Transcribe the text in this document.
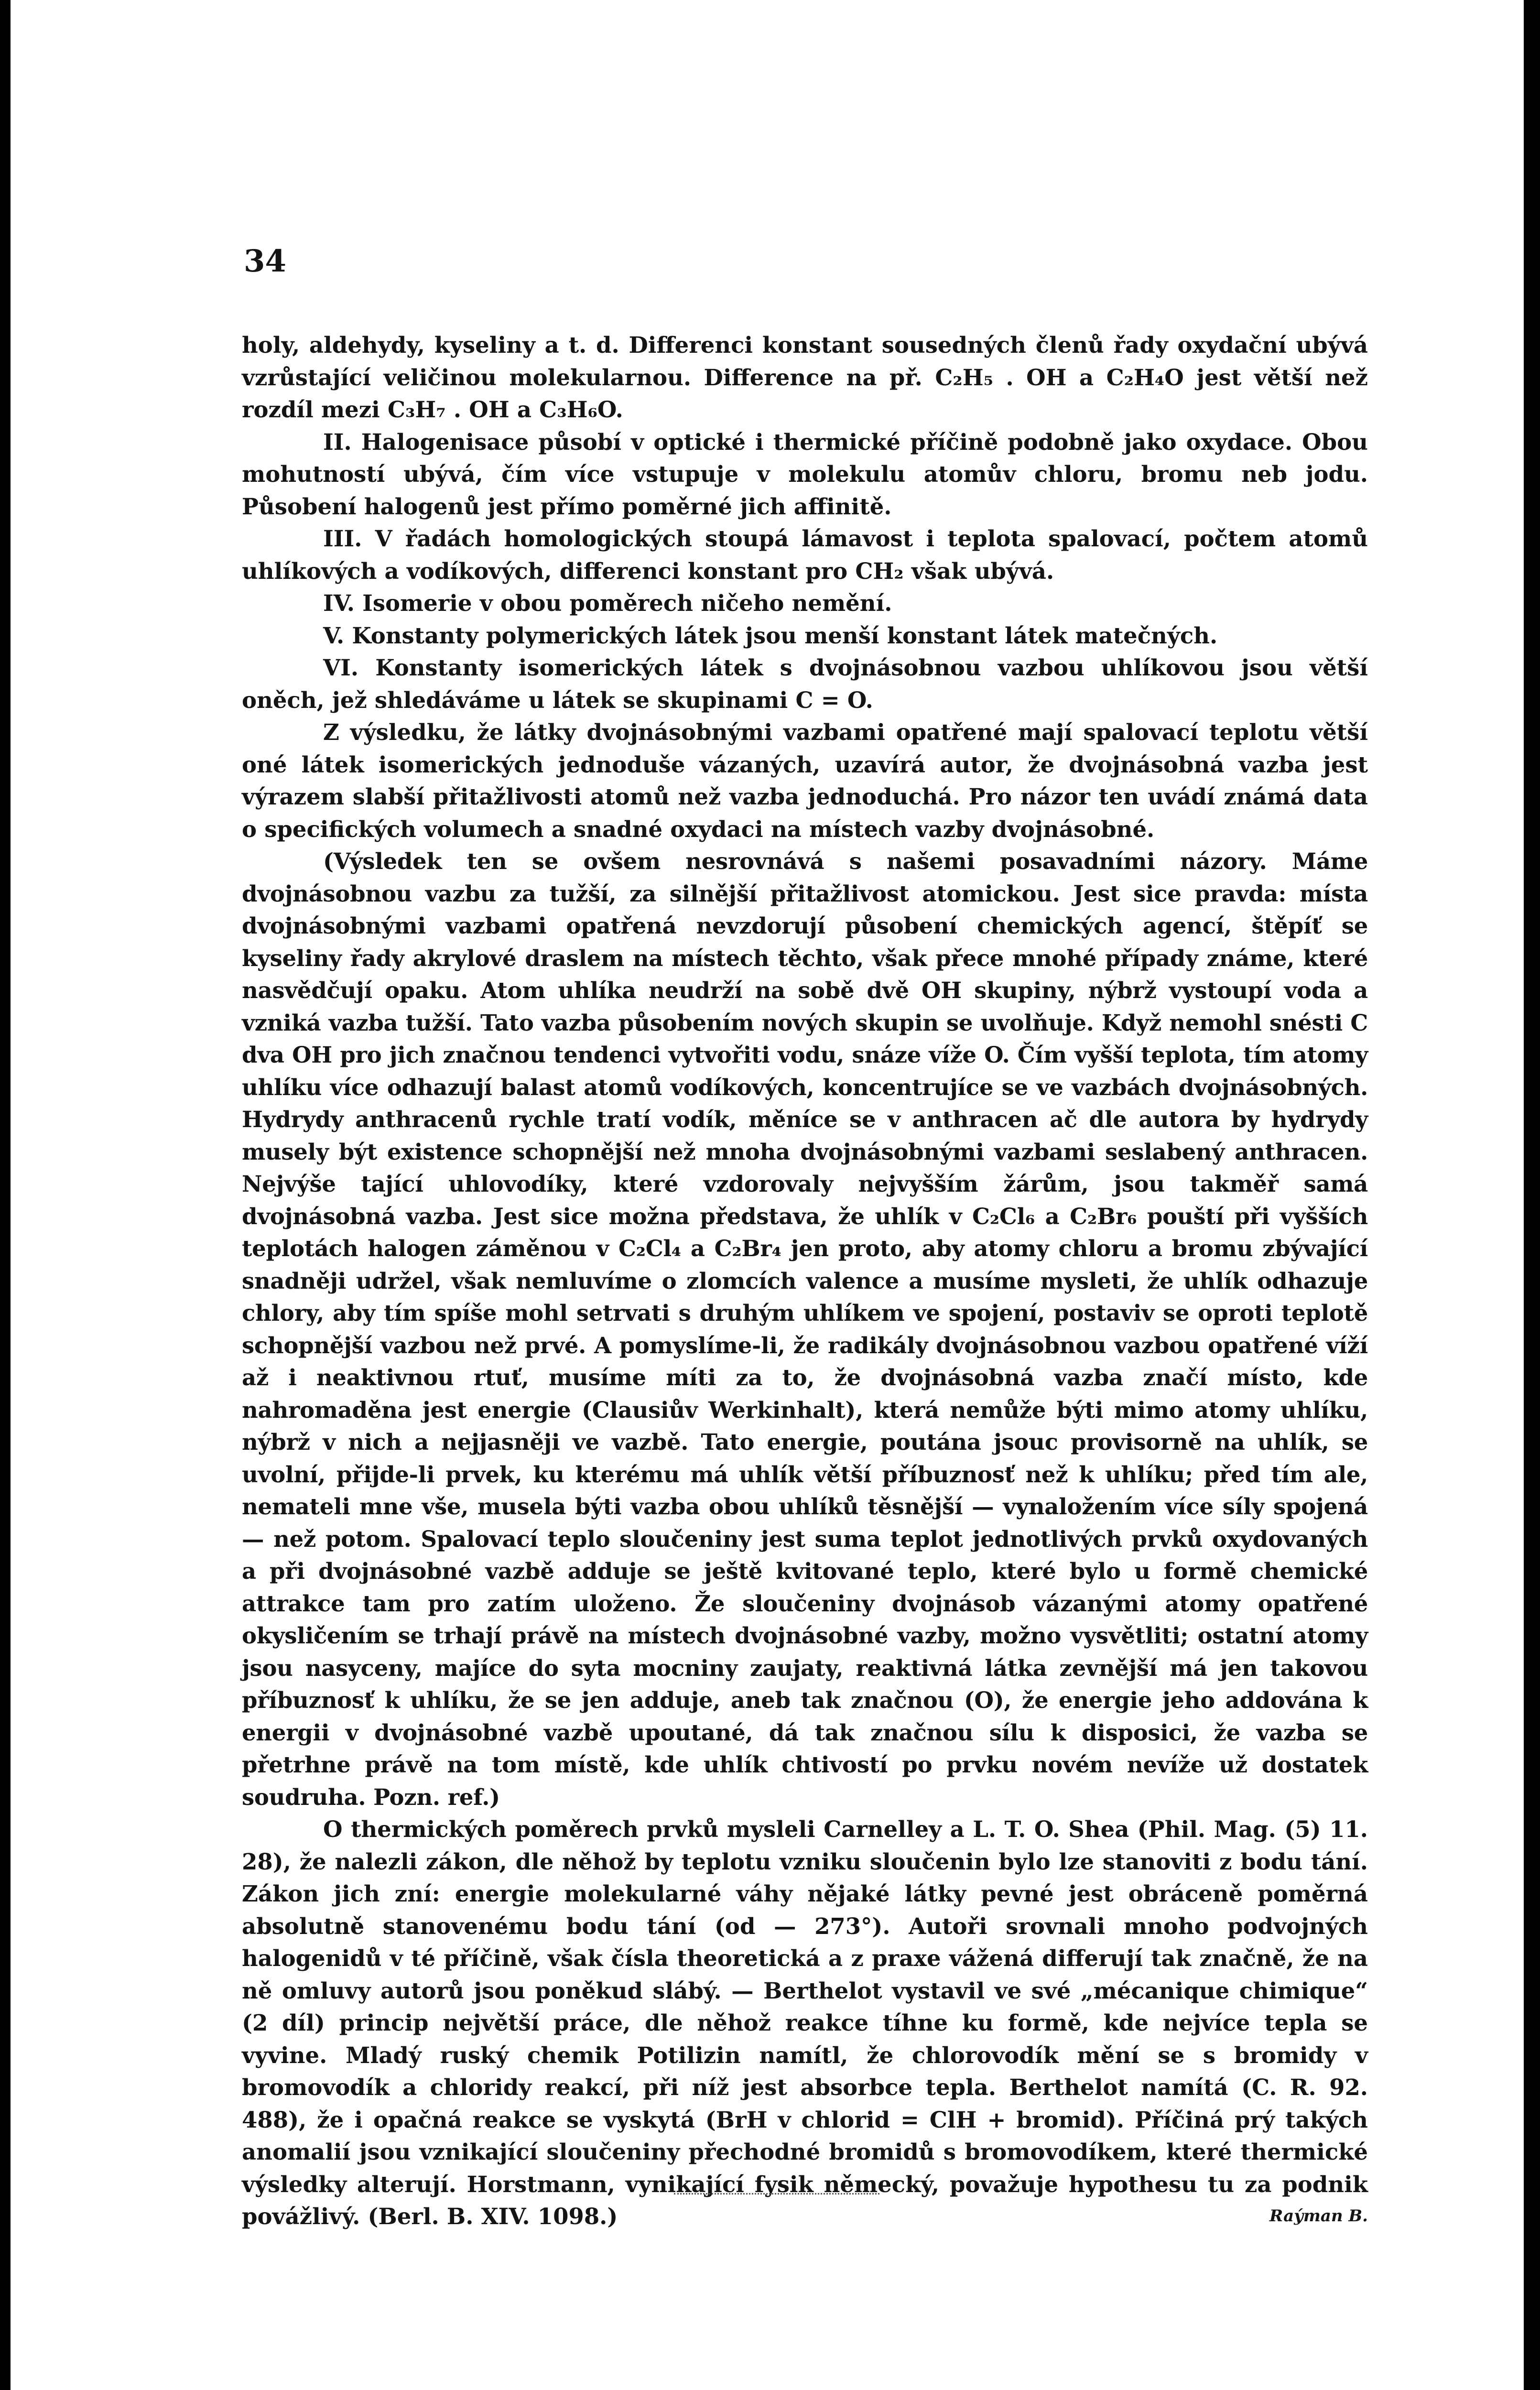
34

holy, aldehydy, kyseliny a t. d. Differenci konstant sousedných členů řady oxydační ubývá vzrůstající veličinou molekularnou. Difference na př. C₂H₅ . OH a C₂H₄O jest větší než rozdíl mezi C₃H₇ . OH a C₃H₆O.

II. Halogenisace působí v optické i thermické příčině podobně jako oxydace. Obou mohutností ubývá, čím více vstupuje v molekulu atomův chloru, bromu neb jodu. Působení halogenů jest přímo poměrné jich affinitě.

III. V řadách homologických stoupá lámavost i teplota spalovací, počtem atomů uhlíkových a vodíkových, differenci konstant pro CH₂ však ubývá.

IV. Isomerie v obou poměrech ničeho nemění.

V. Konstanty polymerických látek jsou menší konstant látek matečných.

VI. Konstanty isomerických látek s dvojnásobnou vazbou uhlíkovou jsou větší oněch, jež shledáváme u látek se skupinami C = O.

Z výsledku, že látky dvojnásobnými vazbami opatřené mají spalovací teplotu větší oné látek isomerických jednoduše vázaných, uzavírá autor, že dvojnásobná vazba jest výrazem slabší přitažlivosti atomů než vazba jednoduchá. Pro názor ten uvádí známá data o specifických volumech a snadné oxydaci na místech vazby dvojnásobné.

(Výsledek ten se ovšem nesrovnává s našemi posavadními názory. Máme dvojnásobnou vazbu za tužší, za silnější přitažlivost atomickou. Jest sice pravda: místa dvojnásobnými vazbami opatřená nevzdorují působení chemických agencí, štěpíť se kyseliny řady akrylové draslem na místech těchto, však přece mnohé případy známe, které nasvědčují opaku. Atom uhlíka neudrží na sobě dvě OH skupiny, nýbrž vystoupí voda a vzniká vazba tužší. Tato vazba působením nových skupin se uvolňuje. Když nemohl snésti C dva OH pro jich značnou tendenci vytvořiti vodu, snáze víže O. Čím vyšší teplota, tím atomy uhlíku více odhazují balast atomů vodíkových, koncentrujíce se ve vazbách dvojnásobných. Hydrydy anthracenů rychle tratí vodík, měníce se v anthracen ač dle autora by hydrydy musely být existence schopnější než mnoha dvojnásobnými vazbami seslabený anthracen. Nejvýše tající uhlovodíky, které vzdorovaly nejvyšším žárům, jsou takměř samá dvojnásobná vazba. Jest sice možna představa, že uhlík v C₂Cl₆ a C₂Br₆ pouští při vyšších teplotách halogen záměnou v C₂Cl₄ a C₂Br₄ jen proto, aby atomy chloru a bromu zbývající snadněji udržel, však nemluvíme o zlomcích valence a musíme mysleti, že uhlík odhazuje chlory, aby tím spíše mohl setrvati s druhým uhlíkem ve spojení, postaviv se oproti teplotě schopnější vazbou než prvé. A pomyslíme-li, že radikály dvojnásobnou vazbou opatřené víží až i neaktivnou rtuť, musíme míti za to, že dvojnásobná vazba značí místo, kde nahromaděna jest energie (Clausiův Werkinhalt), která nemůže býti mimo atomy uhlíku, nýbrž v nich a nejjasněji ve vazbě. Tato energie, poutána jsouc provisorně na uhlík, se uvolní, přijde-li prvek, ku kterému má uhlík větší příbuznosť než k uhlíku; před tím ale, nemateli mne vše, musela býti vazba obou uhlíků těsnější — vynaložením více síly spojená — než potom. Spalovací teplo sloučeniny jest suma teplot jednotlivých prvků oxydovaných a při dvojnásobné vazbě adduje se ještě kvitované teplo, které bylo u formě chemické attrakce tam pro zatím uloženo. Že sloučeniny dvojnásob vázanými atomy opatřené okysličením se trhají právě na místech dvojnásobné vazby, možno vysvětliti; ostatní atomy jsou nasyceny, majíce do syta mocniny zaujaty, reaktivná látka zevnější má jen takovou příbuznosť k uhlíku, že se jen adduje, aneb tak značnou (O), že energie jeho addována k energii v dvojnásobné vazbě upoutané, dá tak značnou sílu k disposici, že vazba se přetrhne právě na tom místě, kde uhlík chtivostí po prvku novém nevíže už dostatek soudruha. Pozn. ref.)

O thermických poměrech prvků mysleli Carnelley a L. T. O. Shea (Phil. Mag. (5) 11. 28), že nalezli zákon, dle něhož by teplotu vzniku sloučenin bylo lze stanoviti z bodu tání. Zákon jich zní: energie molekularné váhy nějaké látky pevné jest obráceně poměrná absolutně stanovenému bodu tání (od — 273°). Autoři srovnali mnoho podvojných halogenidů v té příčině, však čísla theoretická a z praxe vážená differují tak značně, že na ně omluvy autorů jsou poněkud slábý. — Berthelot vystavil ve své „mécanique chimique“ (2 díl) princip největší práce, dle něhož reakce tíhne ku formě, kde nejvíce tepla se vyvine. Mladý ruský chemik Potilizin namítl, že chlorovodík mění se s bromidy v bromovodík a chloridy reakcí, při níž jest absorbce tepla. Berthelot namítá (C. R. 92. 488), že i opačná reakce se vyskytá (BrH v chlorid = ClH + bromid). Příčiná prý takých anomalií jsou vznikající sloučeniny přechodné bromidů s bromovodíkem, které thermické výsledky alterují. Horstmann, vynikající fysik německý, považuje hypothesu tu za podnik povážlivý. (Berl. B. XIV. 1098.)	Raýman B.
